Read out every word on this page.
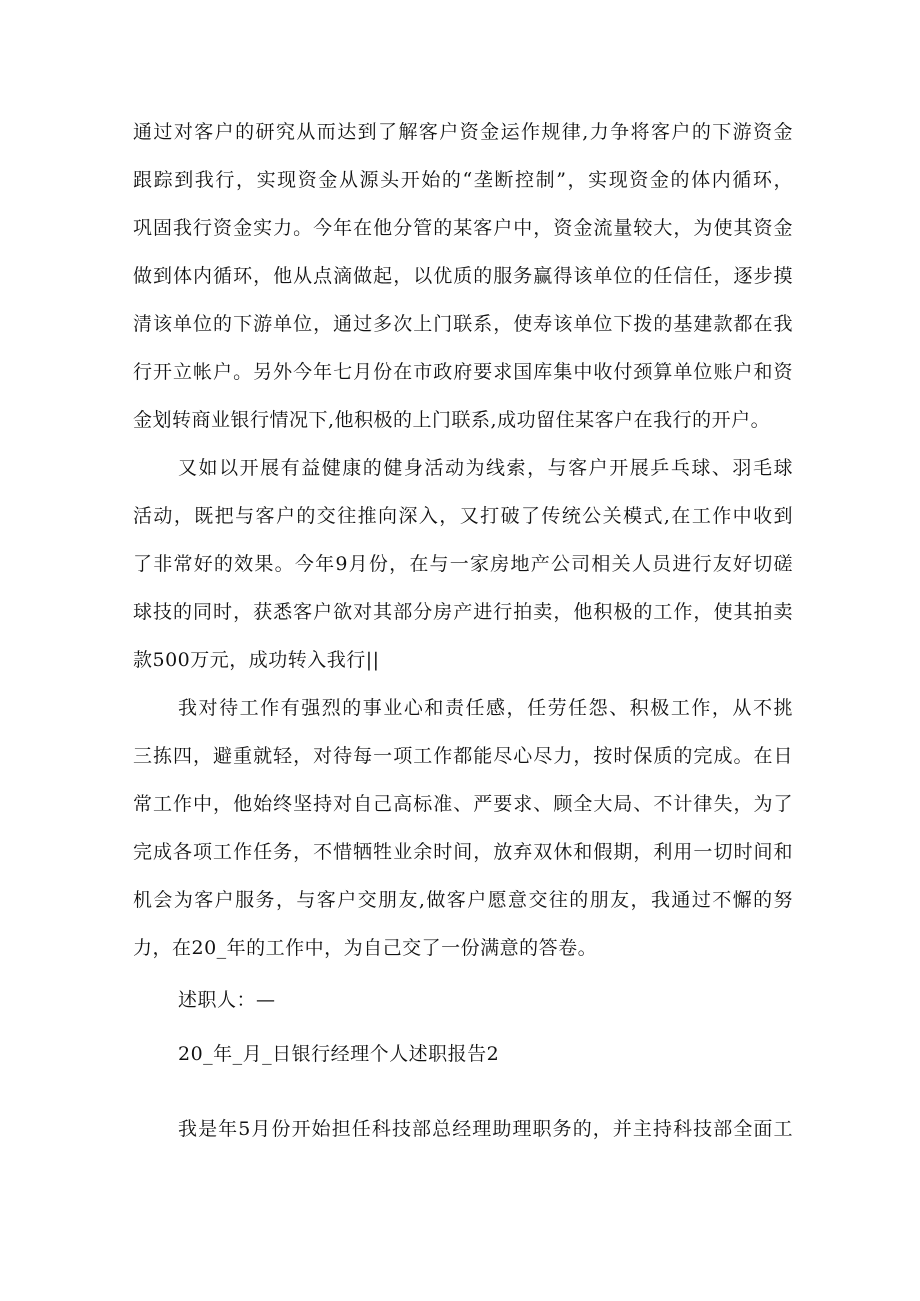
通过对客户的研究从而达到了解客户资金运作规律,力争将客户的下游资金
跟踪到我行，实现资金从源头开始的“垄断控制”，实现资金的体内循环，
巩固我行资金实力。今年在他分管的某客户中，资金流量较大，为使其资金
做到体内循环，他从点滴做起，以优质的服务赢得该单位的任信任，逐步摸
清该单位的下游单位，通过多次上门联系，使寿该单位下拨的基建款都在我
行开立帐户。另外今年七月份在市政府要求国库集中收付颈算单位账户和资
金划转商业银行情况下,他积极的上门联系,成功留住某客户在我行的开户。
又如以开展有益健康的健身活动为线索，与客户开展乒乓球、羽毛球
活动，既把与客户的交往推向深入，又打破了传统公关模式,在工作中收到
了非常好的效果。今年9月份，在与一家房地产公司相关人员进行友好切磋
球技的同时，获悉客户欲对其部分房产进行拍卖，他积极的工作，使其拍卖
款500万元，成功转入我行||
我对待工作有强烈的事业心和责任感，任劳任怨、积极工作，从不挑
三拣四，避重就轻，对待每一项工作都能尽心尽力，按时保质的完成。在日
常工作中，他始终坚持对自己高标准、严要求、顾全大局、不计律失，为了
完成各项工作任务，不惜牺牲业余时间，放弃双休和假期，利用一切时间和
机会为客户服务，与客户交朋友,做客户愿意交往的朋友，我通过不懈的努
力，在20_年的工作中，为自己交了一份满意的答卷。
述职人：—
20_年_月_日银行经理个人述职报告2
我是年5月份开始担任科技部总经理助理职务的，并主持科技部全面工
